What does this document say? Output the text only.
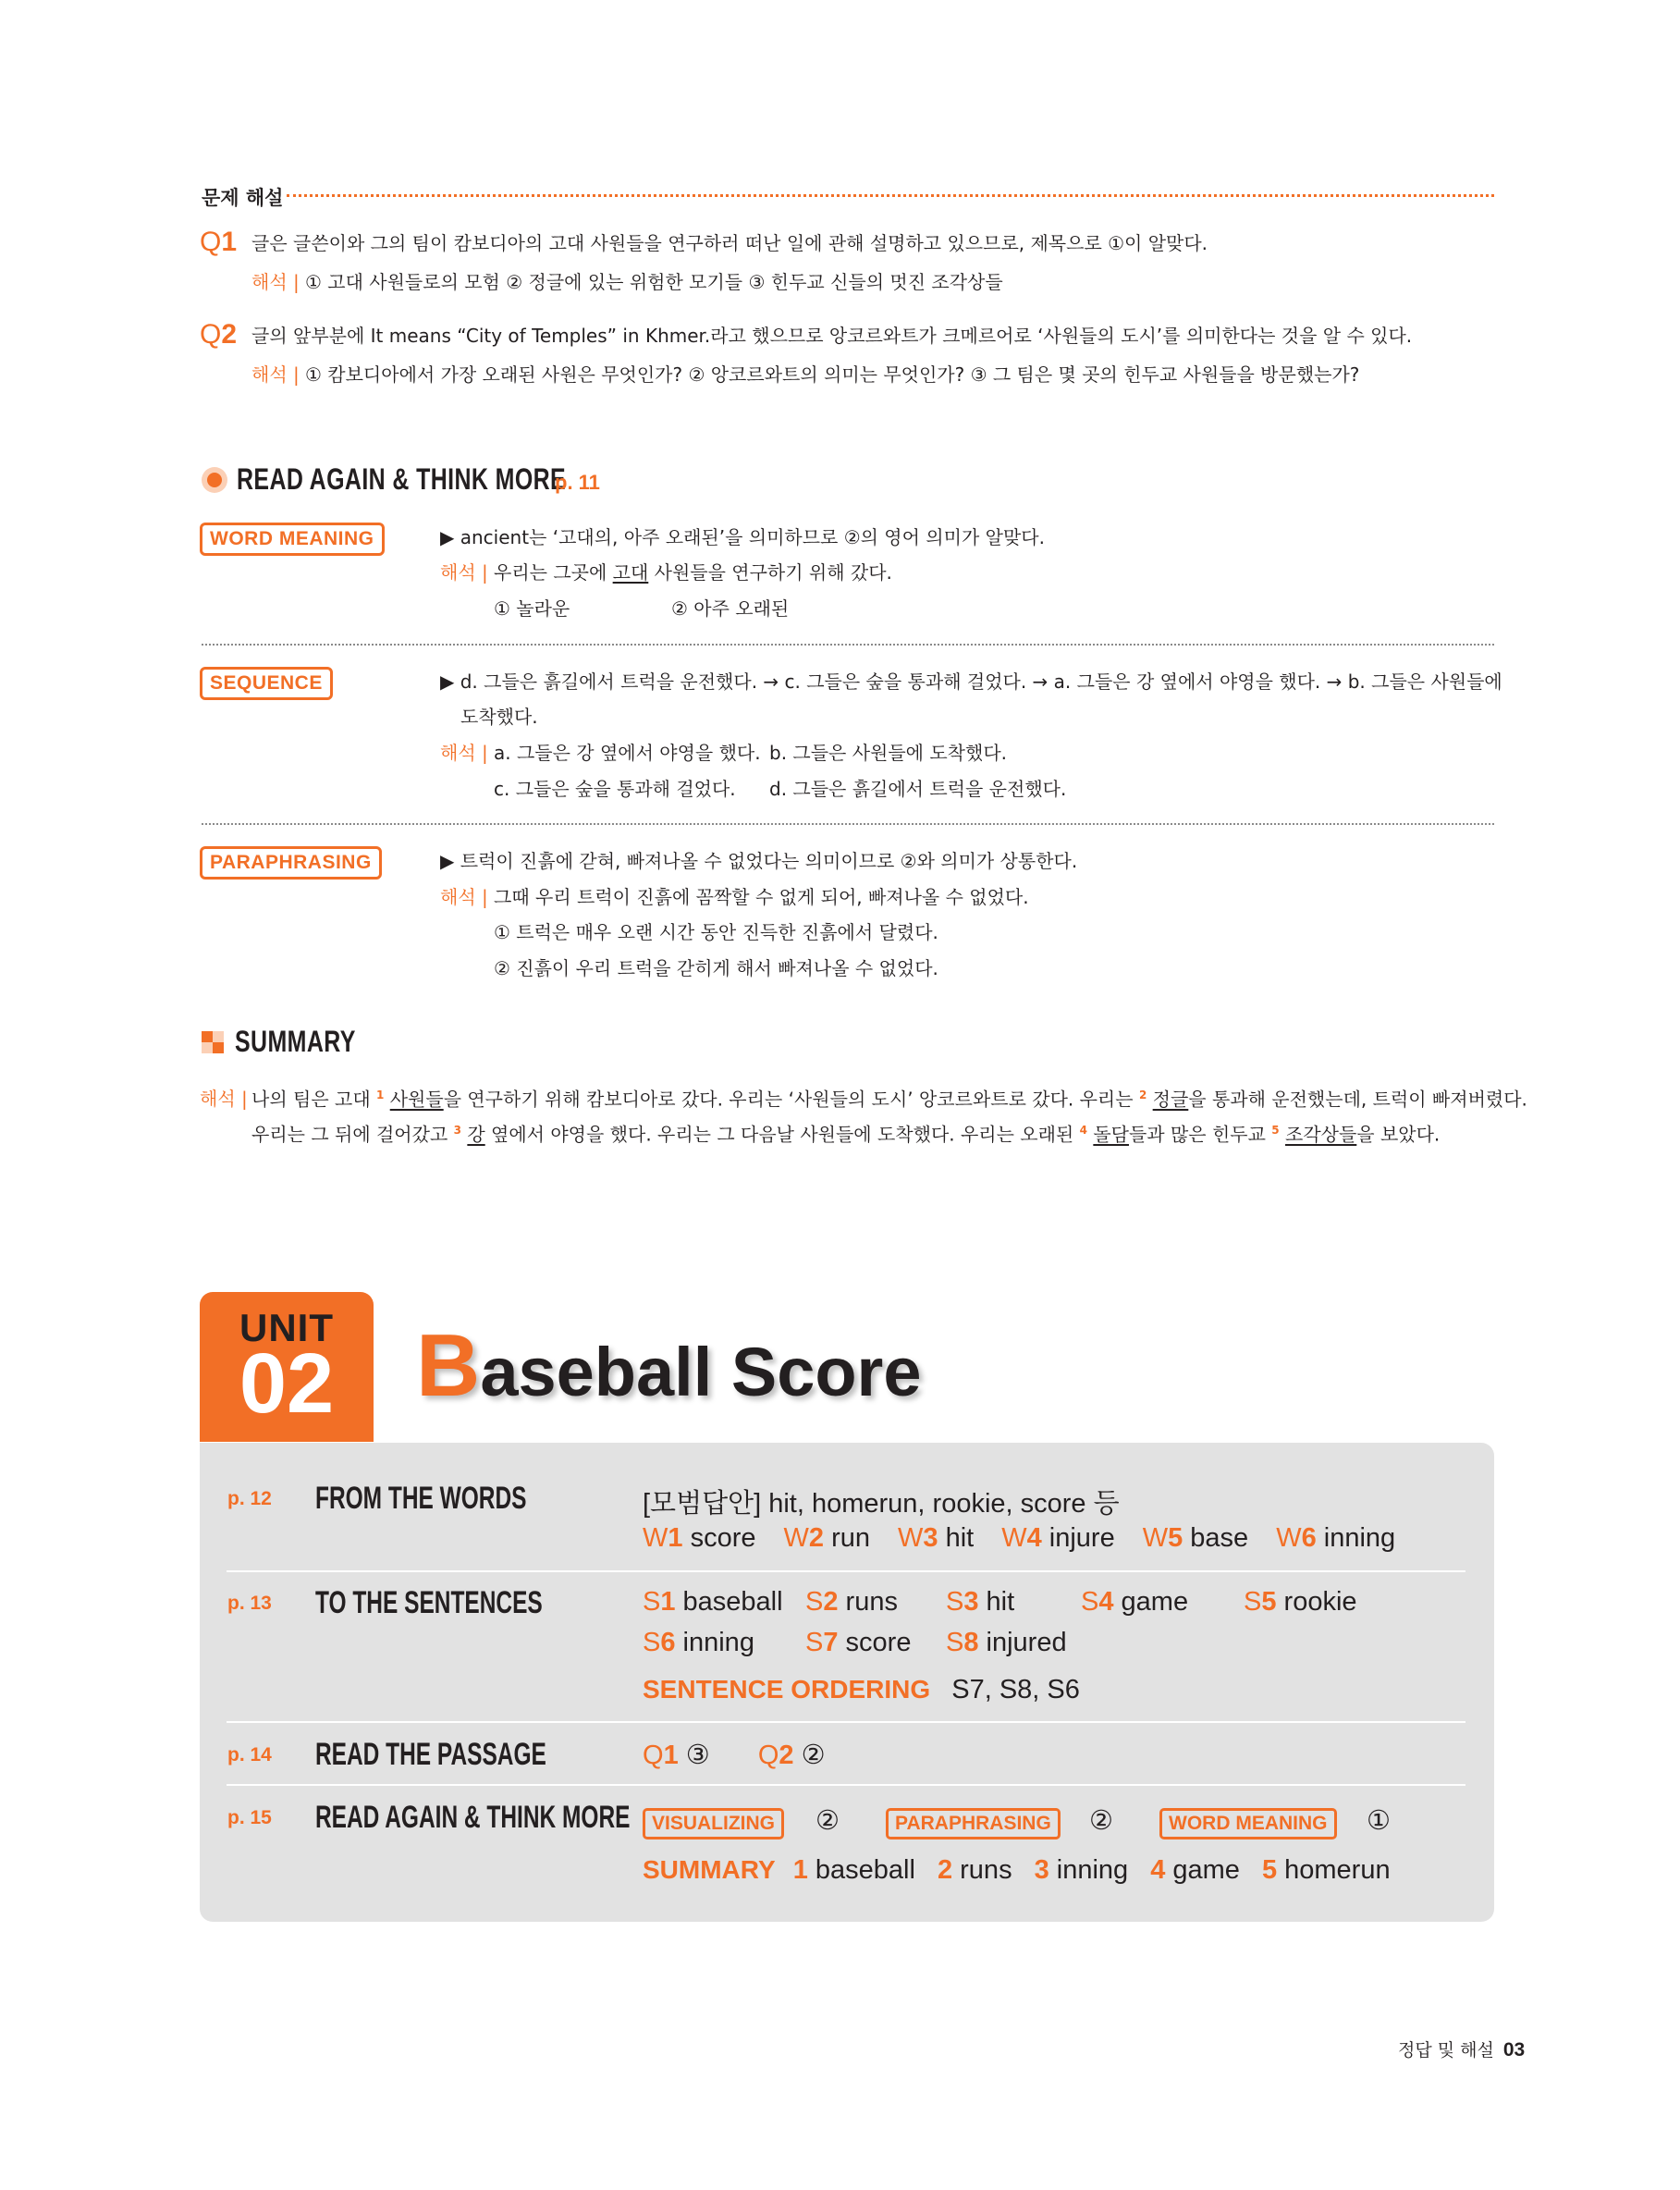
문제 해설
Q1 글은 글쓴이와 그의 팀이 캄보디아의 고대 사원들을 연구하러 떠난 일에 관해 설명하고 있으므로, 제목으로 ①이 알맞다.
해석 | ① 고대 사원들로의 모험 ② 정글에 있는 위험한 모기들 ③ 힌두교 신들의 멋진 조각상들
Q2 글의 앞부분에 It means “City of Temples” in Khmer.라고 했으므로 앙코르와트가 크메르어로 ‘사원들의 도시’를 의미한다는 것을 알 수 있다.
해석 | ① 캄보디아에서 가장 오래된 사원은 무엇인가? ② 앙코르와트의 의미는 무엇인가? ③ 그 팀은 몇 곳의 힌두교 사원들을 방문했는가?
READ AGAIN & THINK MORE
p. 11
WORD MEANING	▶ ancient는 ‘고대의, 아주 오래된’을 의미하므로 ②의 영어 의미가 알맞다.
해석 | 우리는 그곳에 고대 사원들을 연구하기 위해 갔다.
① 놀라운	② 아주 오래된
SEQUENCE	▶ d. 그들은 흙길에서 트럭을 운전했다. → c. 그들은 숲을 통과해 걸었다. → a. 그들은 강 옆에서 야영을 했다. → b. 그들은 사원들에
도착했다.
해석 | a. 그들은 강 옆에서 야영을 했다. b. 그들은 사원들에 도착했다.
c. 그들은 숲을 통과해 걸었다. d. 그들은 흙길에서 트럭을 운전했다.
PARAPHRASING	▶ 트럭이 진흙에 갇혀, 빠져나올 수 없었다는 의미이므로 ②와 의미가 상통한다.
해석 | 그때 우리 트럭이 진흙에 꼼짝할 수 없게 되어, 빠져나올 수 없었다.
① 트럭은 매우 오랜 시간 동안 진득한 진흙에서 달렸다.
② 진흙이 우리 트럭을 갇히게 해서 빠져나올 수 없었다.
SUMMARY
해석 | 나의 팀은 고대 $^1$ 사원들을 연구하기 위해 캄보디아로 갔다. 우리는 ‘사원들의 도시’ 앙코르와트로 갔다. 우리는 $^2$ 정글을 통과해 운전했는데, 트럭이 빠져버렸다.
우리는 그 뒤에 걸어갔고 $^3$ 강 옆에서 야영을 했다. 우리는 그 다음날 사원들에 도착했다. 우리는 오래된 $^4$ 돌담들과 많은 힌두교 $^5$ 조각상들을 보았다.
UNIT
02 Baseball Score
p. 12 FROM THE WORDS	[모범답안] hit, homerun, rookie, score 등
W1 score W2 run W3 hit W4 injure W5 base W6 inning
p. 13 TO THE SENTENCES	S1 baseball S2 runs S3 hit S4 game S5 rookie
S6 inning S7 score S8 injured
SENTENCE ORDERING S7, S8, S6
p. 14 READ THE PASSAGE	Q1 ③ Q2 ②
p. 15 READ AGAIN & THINK MORE	VISUALIZING	②	PARAPHRASING	②	WORD MEANING	①
SUMMARY 1 baseball 2 runs 3 inning 4 game 5 homerun
정답 및 해설 03
